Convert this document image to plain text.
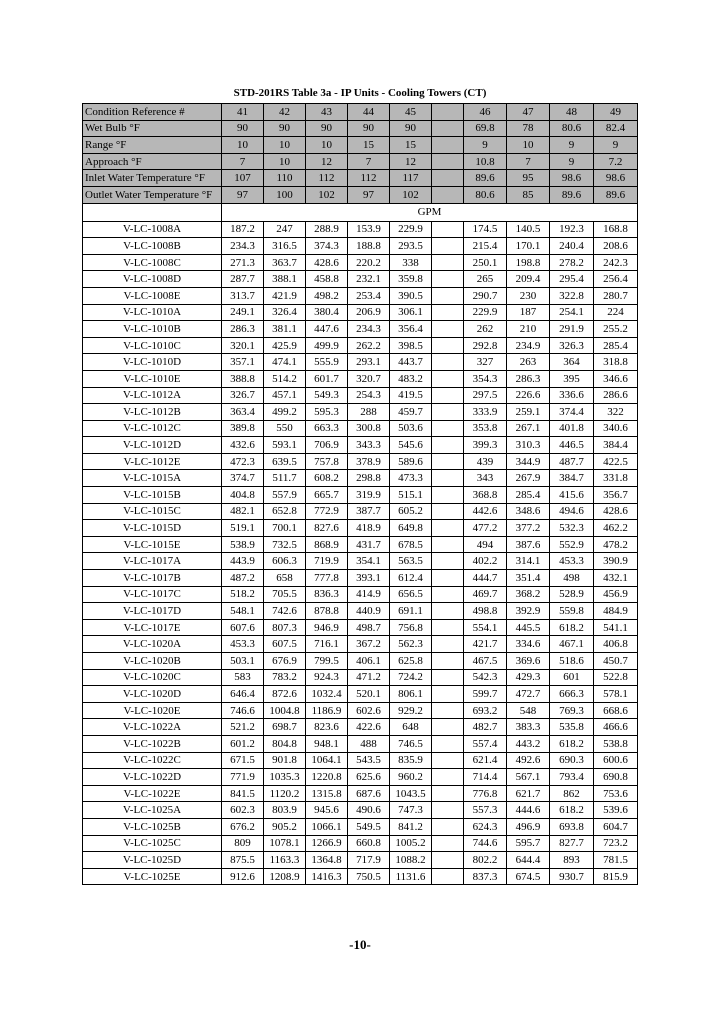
STD-201RS Table 3a - IP Units - Cooling Towers (CT)
Condition Reference #	41	42	43	44	45		46	47	48	49
Wet Bulb °F	90	90	90	90	90		69.8	78	80.6	82.4
Range °F	10	10	10	15	15		9	10	9	9
Approach °F	7	10	12	7	12		10.8	7	9	7.2
Inlet Water Temperature °F	107	110	112	112	117		89.6	95	98.6	98.6
Outlet Water Temperature °F	97	100	102	97	102		80.6	85	89.6	89.6
	GPM									
V-LC-1008A	187.2	247	288.9	153.9	229.9		174.5	140.5	192.3	168.8
V-LC-1008B	234.3	316.5	374.3	188.8	293.5		215.4	170.1	240.4	208.6
V-LC-1008C	271.3	363.7	428.6	220.2	338		250.1	198.8	278.2	242.3
V-LC-1008D	287.7	388.1	458.8	232.1	359.8		265	209.4	295.4	256.4
V-LC-1008E	313.7	421.9	498.2	253.4	390.5		290.7	230	322.8	280.7
V-LC-1010A	249.1	326.4	380.4	206.9	306.1		229.9	187	254.1	224
V-LC-1010B	286.3	381.1	447.6	234.3	356.4		262	210	291.9	255.2
V-LC-1010C	320.1	425.9	499.9	262.2	398.5		292.8	234.9	326.3	285.4
V-LC-1010D	357.1	474.1	555.9	293.1	443.7		327	263	364	318.8
V-LC-1010E	388.8	514.2	601.7	320.7	483.2		354.3	286.3	395	346.6
V-LC-1012A	326.7	457.1	549.3	254.3	419.5		297.5	226.6	336.6	286.6
V-LC-1012B	363.4	499.2	595.3	288	459.7		333.9	259.1	374.4	322
V-LC-1012C	389.8	550	663.3	300.8	503.6		353.8	267.1	401.8	340.6
V-LC-1012D	432.6	593.1	706.9	343.3	545.6		399.3	310.3	446.5	384.4
V-LC-1012E	472.3	639.5	757.8	378.9	589.6		439	344.9	487.7	422.5
V-LC-1015A	374.7	511.7	608.2	298.8	473.3		343	267.9	384.7	331.8
V-LC-1015B	404.8	557.9	665.7	319.9	515.1		368.8	285.4	415.6	356.7
V-LC-1015C	482.1	652.8	772.9	387.7	605.2		442.6	348.6	494.6	428.6
V-LC-1015D	519.1	700.1	827.6	418.9	649.8		477.2	377.2	532.3	462.2
V-LC-1015E	538.9	732.5	868.9	431.7	678.5		494	387.6	552.9	478.2
V-LC-1017A	443.9	606.3	719.9	354.1	563.5		402.2	314.1	453.3	390.9
V-LC-1017B	487.2	658	777.8	393.1	612.4		444.7	351.4	498	432.1
V-LC-1017C	518.2	705.5	836.3	414.9	656.5		469.7	368.2	528.9	456.9
V-LC-1017D	548.1	742.6	878.8	440.9	691.1		498.8	392.9	559.8	484.9
V-LC-1017E	607.6	807.3	946.9	498.7	756.8		554.1	445.5	618.2	541.1
V-LC-1020A	453.3	607.5	716.1	367.2	562.3		421.7	334.6	467.1	406.8
V-LC-1020B	503.1	676.9	799.5	406.1	625.8		467.5	369.6	518.6	450.7
V-LC-1020C	583	783.2	924.3	471.2	724.2		542.3	429.3	601	522.8
V-LC-1020D	646.4	872.6	1032.4	520.1	806.1		599.7	472.7	666.3	578.1
V-LC-1020E	746.6	1004.8	1186.9	602.6	929.2		693.2	548	769.3	668.6
V-LC-1022A	521.2	698.7	823.6	422.6	648		482.7	383.3	535.8	466.6
V-LC-1022B	601.2	804.8	948.1	488	746.5		557.4	443.2	618.2	538.8
V-LC-1022C	671.5	901.8	1064.1	543.5	835.9		621.4	492.6	690.3	600.6
V-LC-1022D	771.9	1035.3	1220.8	625.6	960.2		714.4	567.1	793.4	690.8
V-LC-1022E	841.5	1120.2	1315.8	687.6	1043.5		776.8	621.7	862	753.6
V-LC-1025A	602.3	803.9	945.6	490.6	747.3		557.3	444.6	618.2	539.6
V-LC-1025B	676.2	905.2	1066.1	549.5	841.2		624.3	496.9	693.8	604.7
V-LC-1025C	809	1078.1	1266.9	660.8	1005.2		744.6	595.7	827.7	723.2
V-LC-1025D	875.5	1163.3	1364.8	717.9	1088.2		802.2	644.4	893	781.5
V-LC-1025E	912.6	1208.9	1416.3	750.5	1131.6		837.3	674.5	930.7	815.9
-10-
